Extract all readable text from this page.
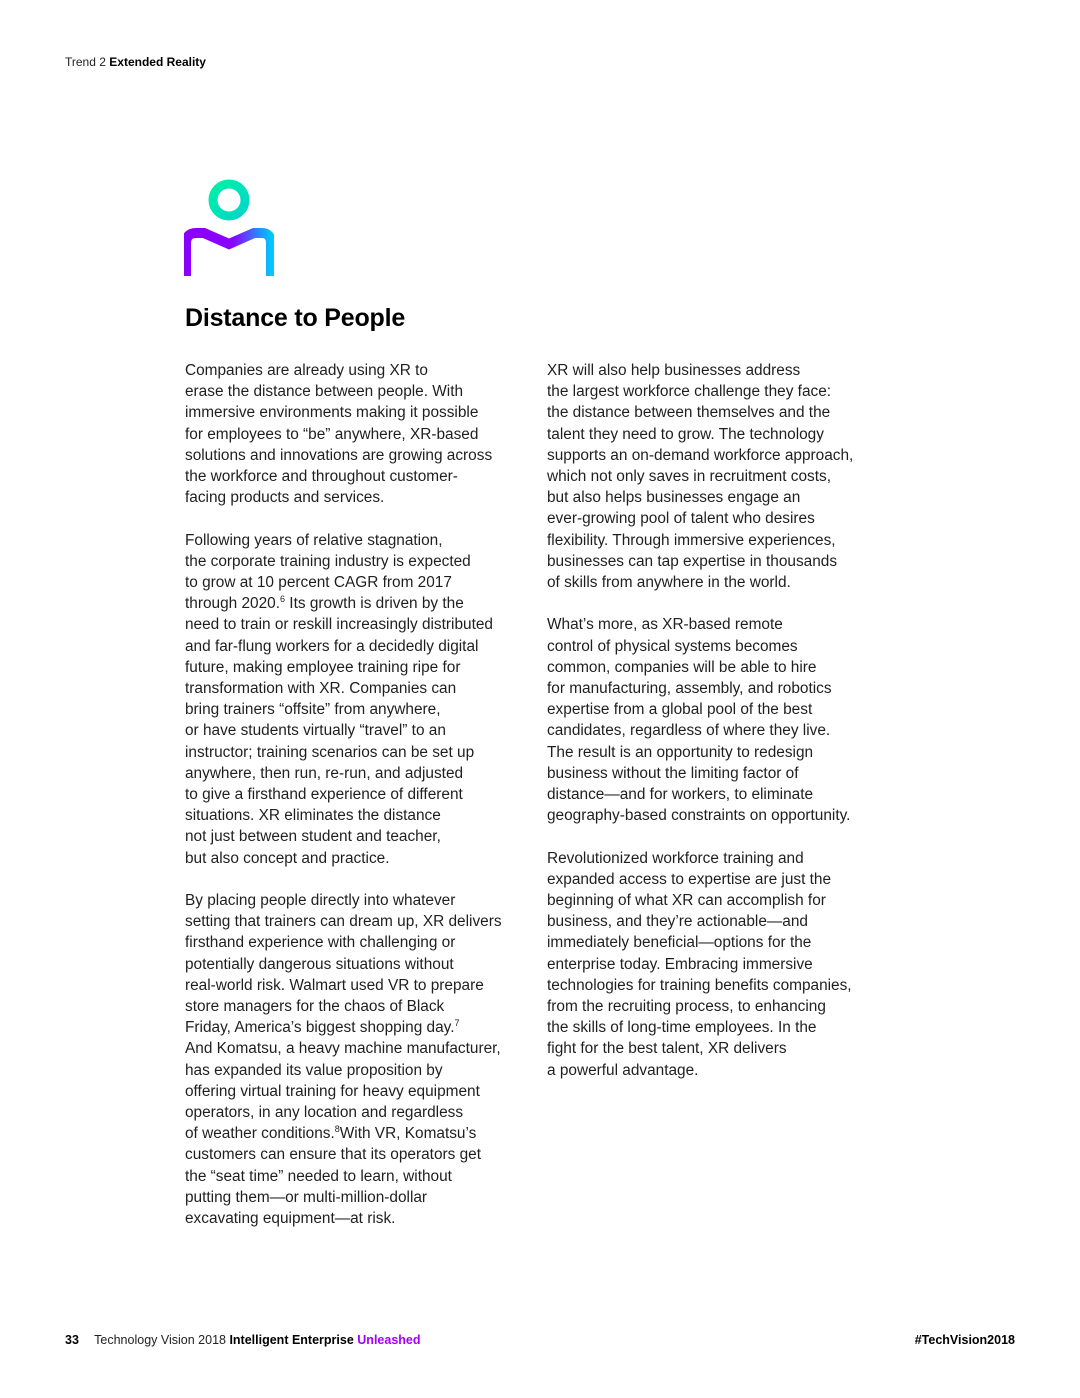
Trend 2 Extended Reality
Distance to People

Companies are already using XR to
erase the distance between people. With
immersive environments making it possible
for employees to “be” anywhere, XR-based
solutions and innovations are growing across
the workforce and throughout customer-
facing products and services.

Following years of relative stagnation,
the corporate training industry is expected
to grow at 10 percent CAGR from 2017
through 2020.$^6$ Its growth is driven by the
need to train or reskill increasingly distributed
and far-flung workers for a decidedly digital
future, making employee training ripe for
transformation with XR. Companies can
bring trainers “offsite” from anywhere,
or have students virtually “travel” to an
instructor; training scenarios can be set up
anywhere, then run, re-run, and adjusted
to give a firsthand experience of different
situations. XR eliminates the distance
not just between student and teacher,
but also concept and practice.

By placing people directly into whatever
setting that trainers can dream up, XR delivers
firsthand experience with challenging or
potentially dangerous situations without
real-world risk. Walmart used VR to prepare
store managers for the chaos of Black
Friday, America’s biggest shopping day.$^7$
And Komatsu, a heavy machine manufacturer,
has expanded its value proposition by
offering virtual training for heavy equipment
operators, in any location and regardless
of weather conditions.$^8$With VR, Komatsu’s
customers can ensure that its operators get
the “seat time” needed to learn, without
putting them—or multi-million-dollar
excavating equipment—at risk.

XR will also help businesses address
the largest workforce challenge they face:
the distance between themselves and the
talent they need to grow. The technology
supports an on-demand workforce approach,
which not only saves in recruitment costs,
but also helps businesses engage an
ever-growing pool of talent who desires
flexibility. Through immersive experiences,
businesses can tap expertise in thousands
of skills from anywhere in the world.

What’s more, as XR-based remote
control of physical systems becomes
common, companies will be able to hire
for manufacturing, assembly, and robotics
expertise from a global pool of the best
candidates, regardless of where they live.
The result is an opportunity to redesign
business without the limiting factor of
distance—and for workers, to eliminate
geography-based constraints on opportunity.

Revolutionized workforce training and
expanded access to expertise are just the
beginning of what XR can accomplish for
business, and they’re actionable—and
immediately beneficial—options for the
enterprise today. Embracing immersive
technologies for training benefits companies,
from the recruiting process, to enhancing
the skills of long-time employees. In the
fight for the best talent, XR delivers
a powerful advantage.

33 Technology Vision 2018 Intelligent Enterprise Unleashed	#TechVision2018
